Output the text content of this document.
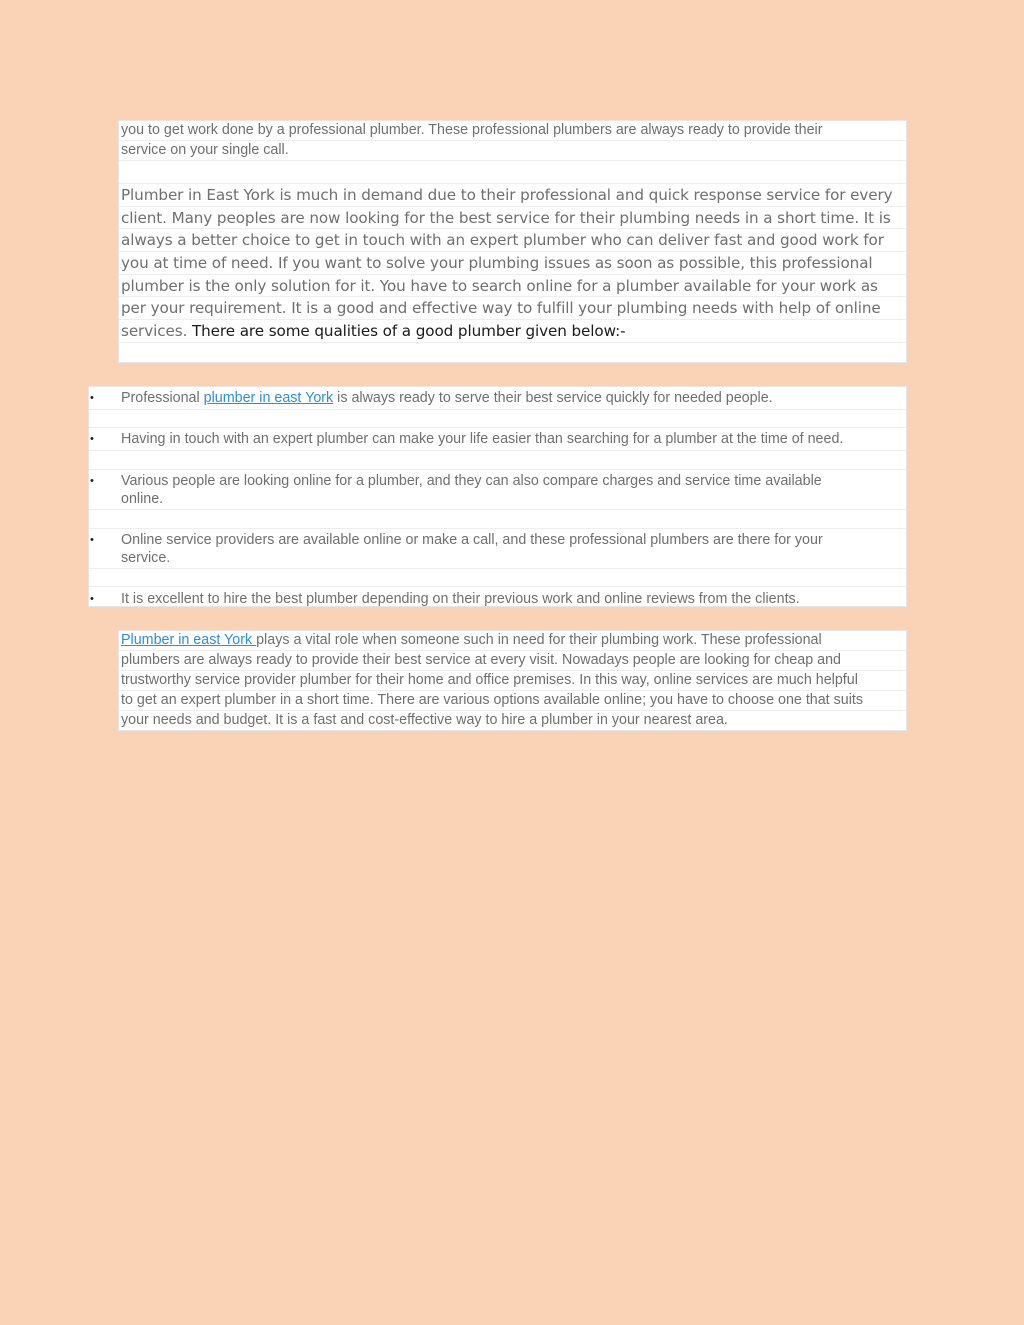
you to get work done by a professional plumber. These professional plumbers are always ready to provide their
service on your single call.
Plumber in East York is much in demand due to their professional and quick response service for every
client. Many peoples are now looking for the best service for their plumbing needs in a short time. It is
always a better choice to get in touch with an expert plumber who can deliver fast and good work for
you at time of need. If you want to solve your plumbing issues as soon as possible, this professional
plumber is the only solution for it. You have to search online for a plumber available for your work as
per your requirement. It is a good and effective way to fulfill your plumbing needs with help of online
services. There are some qualities of a good plumber given below:-
•	Professional plumber in east York is always ready to serve their best service quickly for needed people.
•	Having in touch with an expert plumber can make your life easier than searching for a plumber at the time of need.
•	Various people are looking online for a plumber, and they can also compare charges and service time available
online.
•	Online service providers are available online or make a call, and these professional plumbers are there for your
service.
•	It is excellent to hire the best plumber depending on their previous work and online reviews from the clients.
Plumber in east York plays a vital role when someone such in need for their plumbing work. These professional
plumbers are always ready to provide their best service at every visit. Nowadays people are looking for cheap and
trustworthy service provider plumber for their home and office premises. In this way, online services are much helpful
to get an expert plumber in a short time. There are various options available online; you have to choose one that suits
your needs and budget. It is a fast and cost-effective way to hire a plumber in your nearest area.
